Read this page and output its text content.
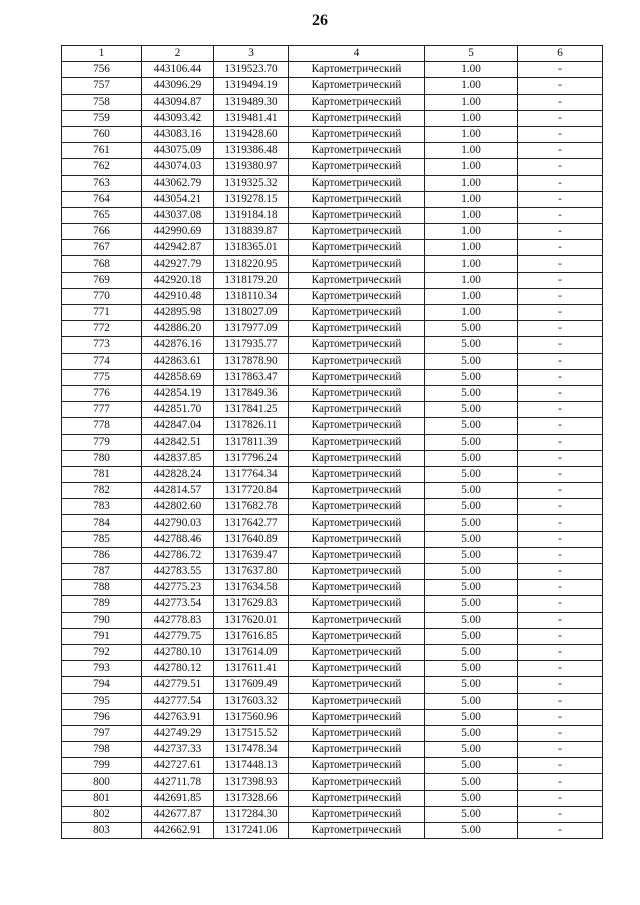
26
1	2	3	4	5	6
756	443106.44	1319523.70	Картометрический	1.00	-
757	443096.29	1319494.19	Картометрический	1.00	-
758	443094.87	1319489.30	Картометрический	1.00	-
759	443093.42	1319481.41	Картометрический	1.00	-
760	443083.16	1319428.60	Картометрический	1.00	-
761	443075.09	1319386.48	Картометрический	1.00	-
762	443074.03	1319380.97	Картометрический	1.00	-
763	443062.79	1319325.32	Картометрический	1.00	-
764	443054.21	1319278.15	Картометрический	1.00	-
765	443037.08	1319184.18	Картометрический	1.00	-
766	442990.69	1318839.87	Картометрический	1.00	-
767	442942.87	1318365.01	Картометрический	1.00	-
768	442927.79	1318220.95	Картометрический	1.00	-
769	442920.18	1318179.20	Картометрический	1.00	-
770	442910.48	1318110.34	Картометрический	1.00	-
771	442895.98	1318027.09	Картометрический	1.00	-
772	442886.20	1317977.09	Картометрический	5.00	-
773	442876.16	1317935.77	Картометрический	5.00	-
774	442863.61	1317878.90	Картометрический	5.00	-
775	442858.69	1317863.47	Картометрический	5.00	-
776	442854.19	1317849.36	Картометрический	5.00	-
777	442851.70	1317841.25	Картометрический	5.00	-
778	442847.04	1317826.11	Картометрический	5.00	-
779	442842.51	1317811.39	Картометрический	5.00	-
780	442837.85	1317796.24	Картометрический	5.00	-
781	442828.24	1317764.34	Картометрический	5.00	-
782	442814.57	1317720.84	Картометрический	5.00	-
783	442802.60	1317682.78	Картометрический	5.00	-
784	442790.03	1317642.77	Картометрический	5.00	-
785	442788.46	1317640.89	Картометрический	5.00	-
786	442786.72	1317639.47	Картометрический	5.00	-
787	442783.55	1317637.80	Картометрический	5.00	-
788	442775.23	1317634.58	Картометрический	5.00	-
789	442773.54	1317629.83	Картометрический	5.00	-
790	442778.83	1317620.01	Картометрический	5.00	-
791	442779.75	1317616.85	Картометрический	5.00	-
792	442780.10	1317614.09	Картометрический	5.00	-
793	442780.12	1317611.41	Картометрический	5.00	-
794	442779.51	1317609.49	Картометрический	5.00	-
795	442777.54	1317603.32	Картометрический	5.00	-
796	442763.91	1317560.96	Картометрический	5.00	-
797	442749.29	1317515.52	Картометрический	5.00	-
798	442737.33	1317478.34	Картометрический	5.00	-
799	442727.61	1317448.13	Картометрический	5.00	-
800	442711.78	1317398.93	Картометрический	5.00	-
801	442691.85	1317328.66	Картометрический	5.00	-
802	442677.87	1317284.30	Картометрический	5.00	-
803	442662.91	1317241.06	Картометрический	5.00	-
